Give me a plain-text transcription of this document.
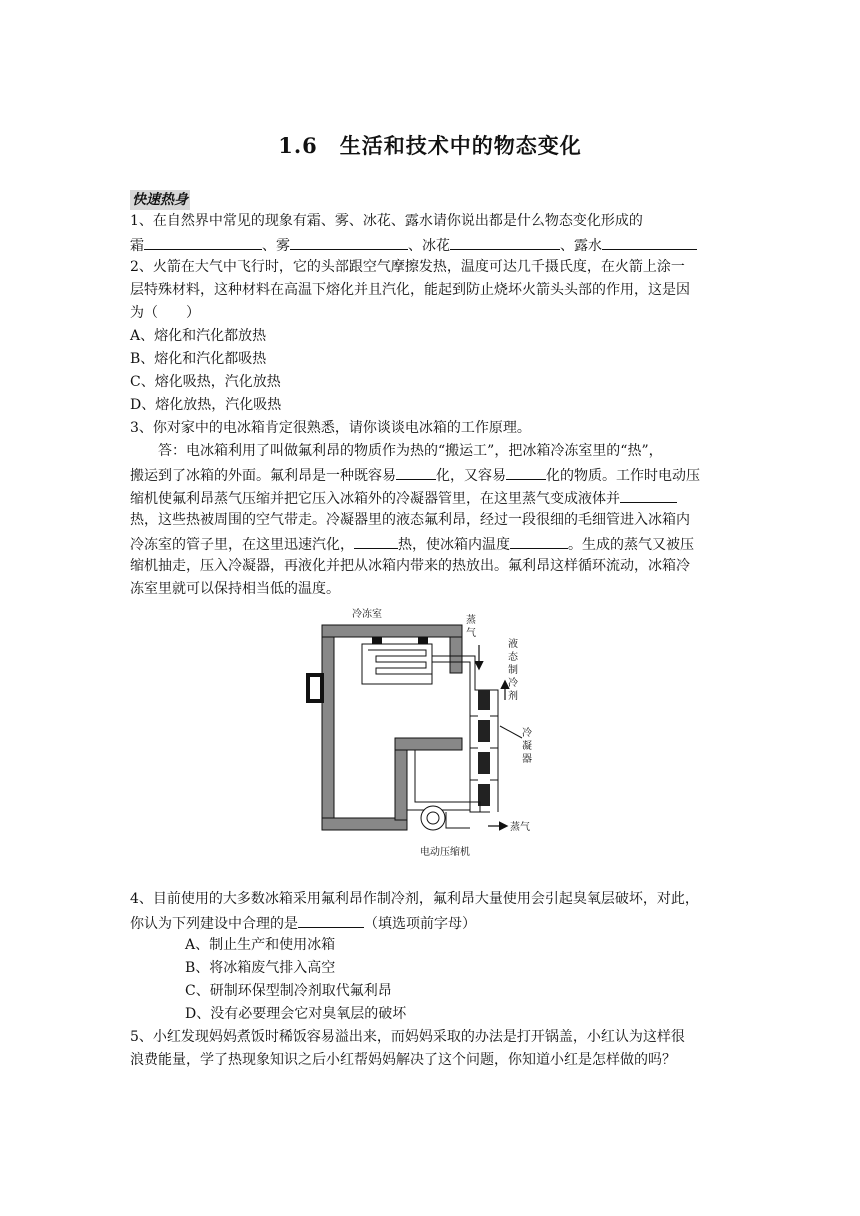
1.6　生活和技术中的物态变化
快速热身
1、在自然界中常见的现象有霜、雾、冰花、露水请你说出都是什么物态变化形成的
霜	、雾	、冰花	、露水
2、火箭在大气中飞行时，它的头部跟空气摩擦发热，温度可达几千摄氏度，在火箭上涂一
层特殊材料，这种材料在高温下熔化并且汽化，能起到防止烧坏火箭头头部的作用，这是因
为（　　）
A、熔化和汽化都放热
B、熔化和汽化都吸热
C、熔化吸热，汽化放热
D、熔化放热，汽化吸热
3、你对家中的电冰箱肯定很熟悉，请你谈谈电冰箱的工作原理。
　　答：电冰箱利用了叫做氟利昂的物质作为热的“搬运工”，把冰箱冷冻室里的“热”，
搬运到了冰箱的外面。氟利昂是一种既容易	化，又容易	化的物质。工作时电动压
缩机使氟利昂蒸气压缩并把它压入冰箱外的冷凝器管里，在这里蒸气变成液体并
热，这些热被周围的空气带走。冷凝器里的液态氟利昂，经过一段很细的毛细管进入冰箱内
冷冻室的管子里，在这里迅速汽化，	热，使冰箱内温度	。生成的蒸气又被压
缩机抽走，压入冷凝器，再液化并把从冰箱内带来的热放出。氟利昂这样循环流动，冰箱冷
冻室里就可以保持相当低的温度。
冷冻室
蒸
气
液
态
制
冷
剂
冷
凝
器
蒸气
电动压缩机
4、目前使用的大多数冰箱采用氟利昂作制冷剂，氟利昂大量使用会引起臭氧层破坏，对此，
你认为下列建设中合理的是	（填选项前字母）
A、制止生产和使用冰箱
B、将冰箱废气排入高空
C、研制环保型制冷剂取代氟利昂
D、没有必要理会它对臭氧层的破坏
5、小红发现妈妈煮饭时稀饭容易溢出来，而妈妈采取的办法是打开锅盖，小红认为这样很
浪费能量，学了热现象知识之后小红帮妈妈解决了这个问题，你知道小红是怎样做的吗？
